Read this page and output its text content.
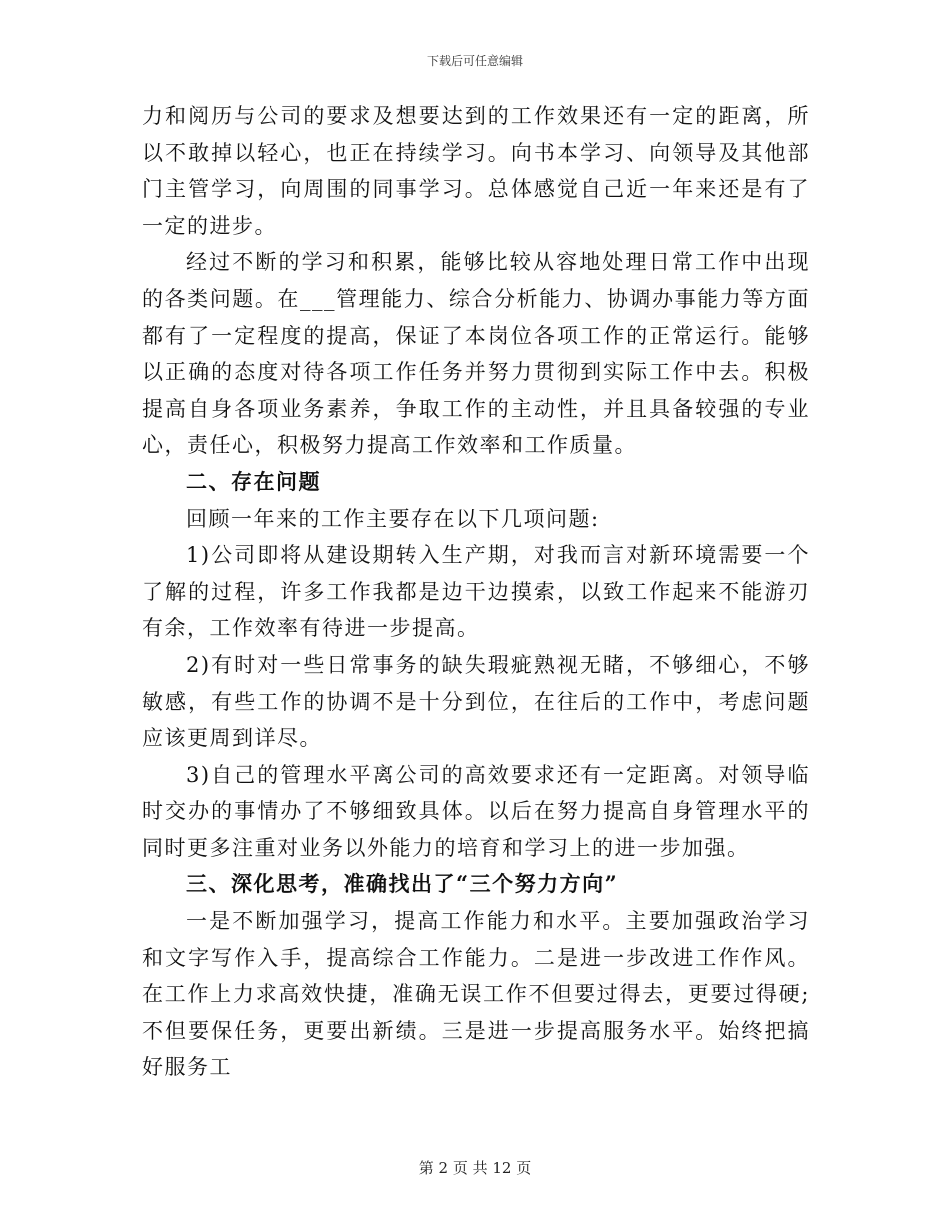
下载后可任意编辑

力和阅历与公司的要求及想要达到的工作效果还有一定的距离，所以不敢掉以轻心，也正在持续学习。向书本学习、向领导及其他部门主管学习，向周围的同事学习。总体感觉自己近一年来还是有了一定的进步。

经过不断的学习和积累，能够比较从容地处理日常工作中出现的各类问题。在___管理能力、综合分析能力、协调办事能力等方面都有了一定程度的提高，保证了本岗位各项工作的正常运行。能够以正确的态度对待各项工作任务并努力贯彻到实际工作中去。积极提高自身各项业务素养，争取工作的主动性，并且具备较强的专业心，责任心，积极努力提高工作效率和工作质量。

二、存在问题

回顾一年来的工作主要存在以下几项问题:

1)公司即将从建设期转入生产期，对我而言对新环境需要一个了解的过程，许多工作我都是边干边摸索，以致工作起来不能游刃有余，工作效率有待进一步提高。

2)有时对一些日常事务的缺失瑕疵熟视无睹，不够细心，不够敏感，有些工作的协调不是十分到位，在往后的工作中，考虑问题应该更周到详尽。

3)自己的管理水平离公司的高效要求还有一定距离。对领导临时交办的事情办了不够细致具体。以后在努力提高自身管理水平的同时更多注重对业务以外能力的培育和学习上的进一步加强。

三、深化思考，准确找出了“三个努力方向”

一是不断加强学习，提高工作能力和水平。主要加强政治学习和文字写作入手，提高综合工作能力。二是进一步改进工作作风。在工作上力求高效快捷，准确无误工作不但要过得去，更要过得硬;不但要保任务，更要出新绩。三是进一步提高服务水平。始终把搞好服务工

第 2 页 共 12 页
